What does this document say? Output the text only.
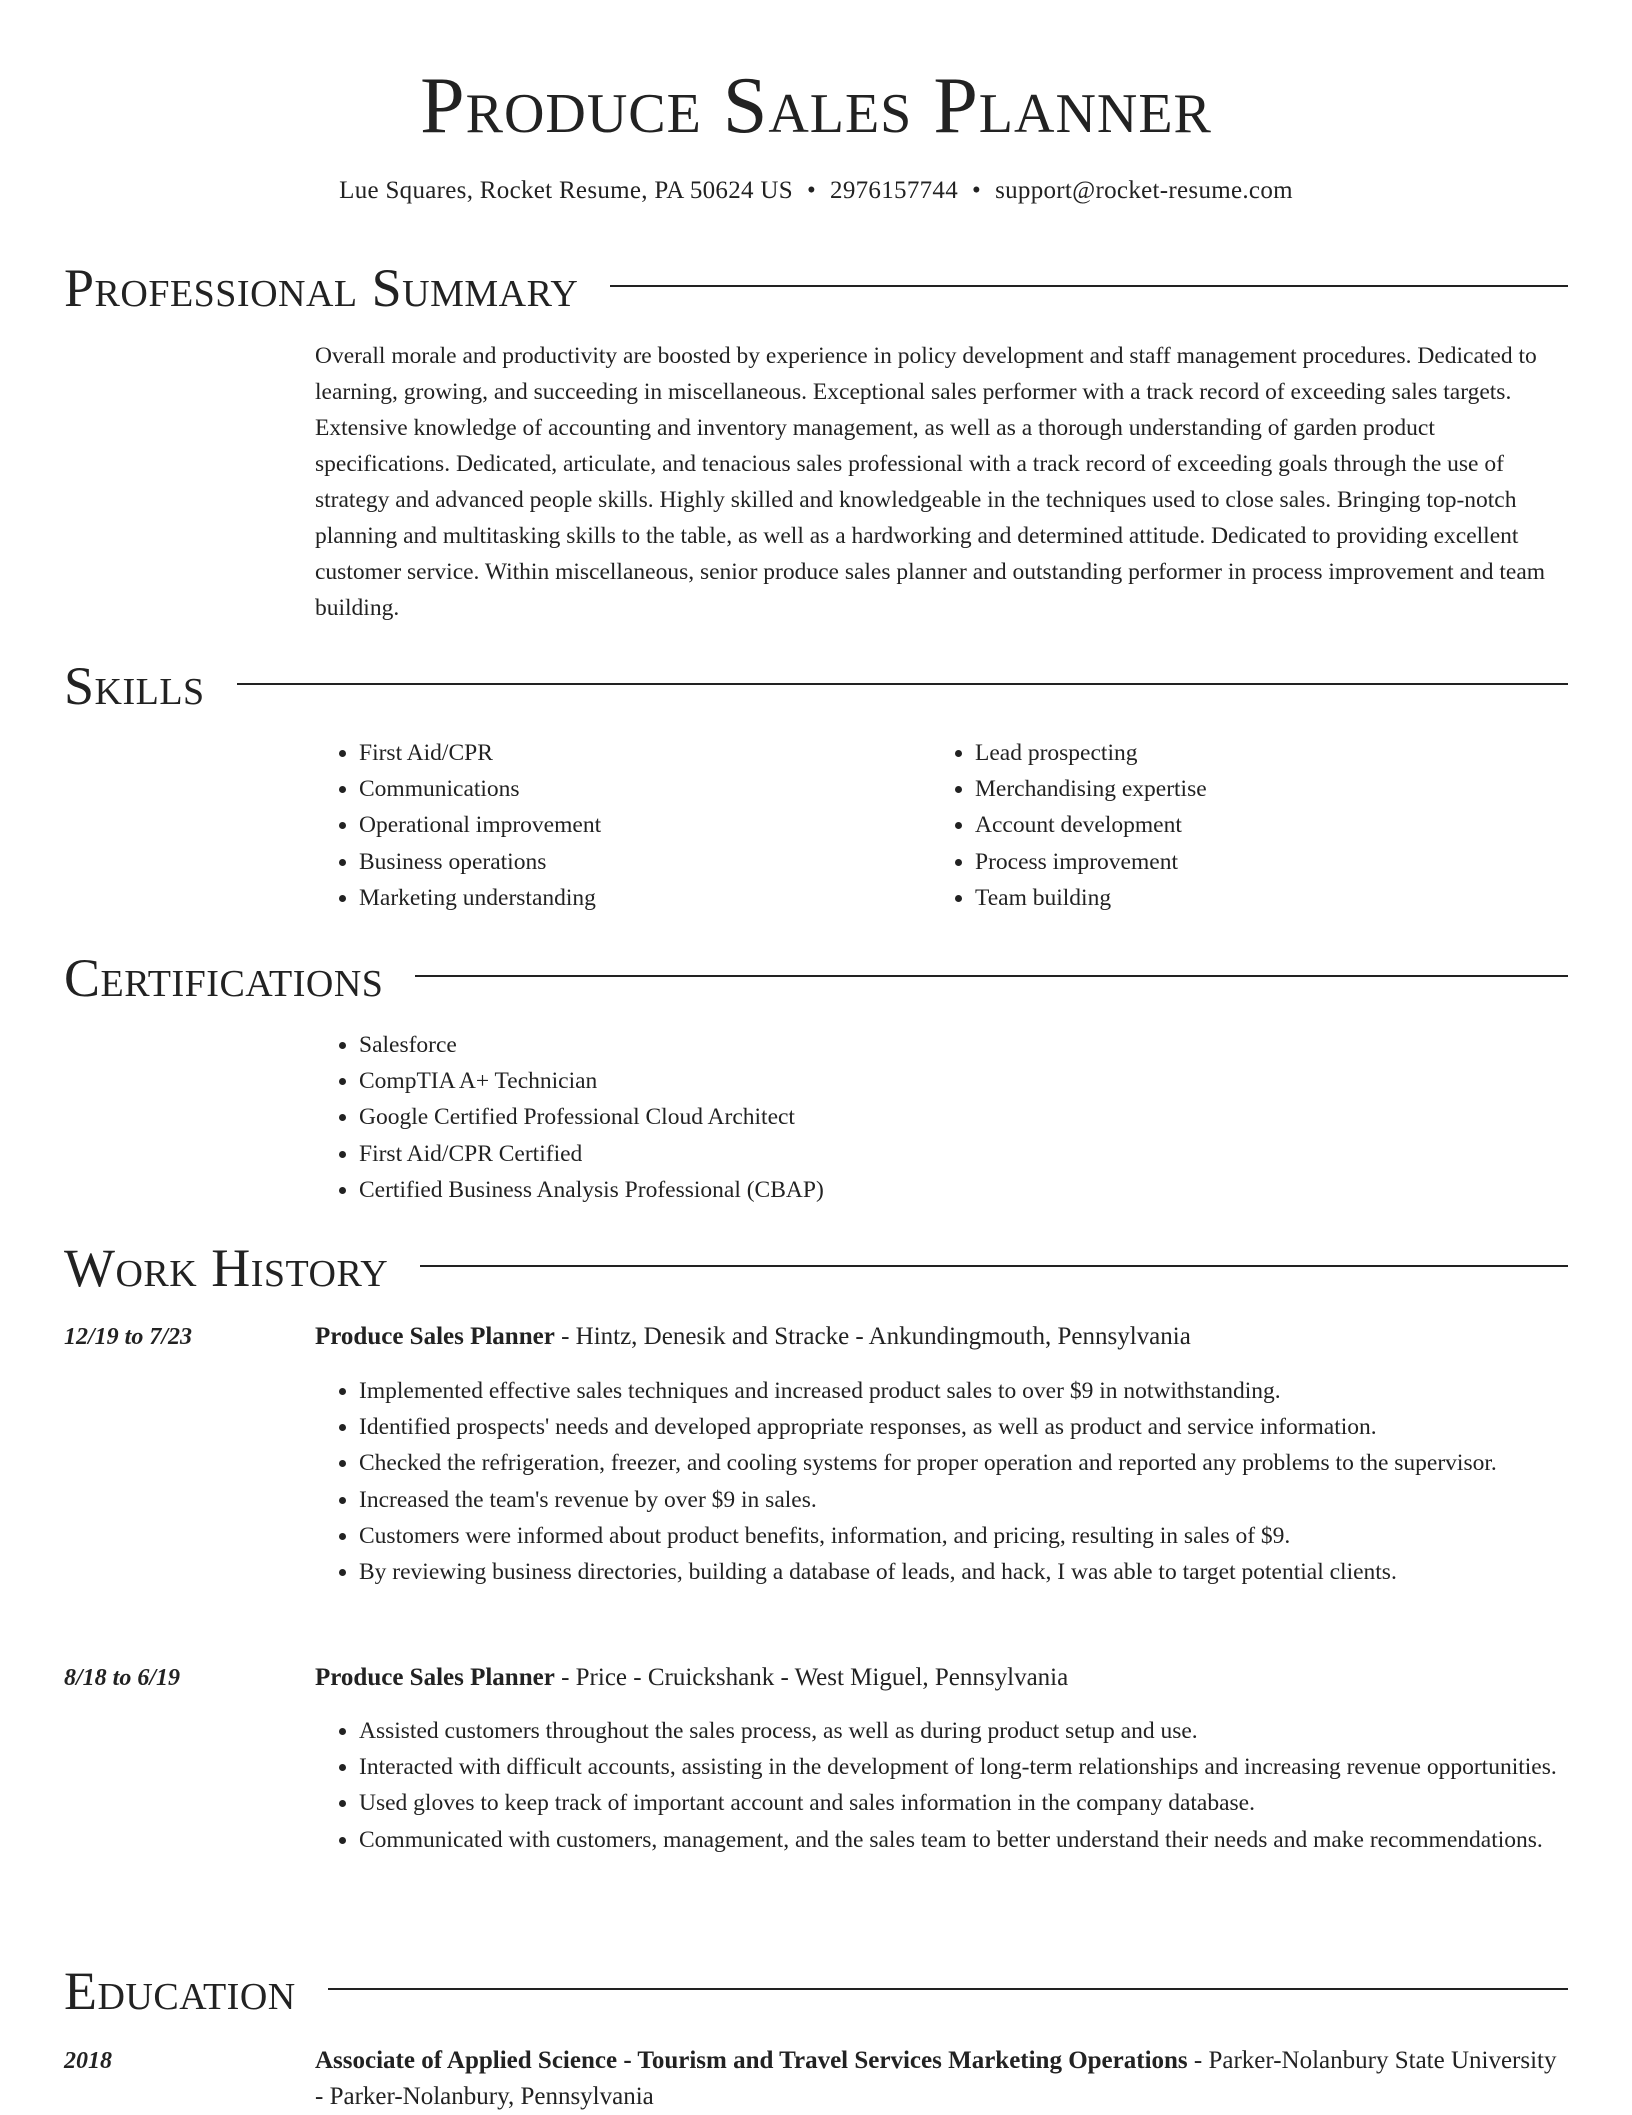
Produce Sales Planner
Lue Squares, Rocket Resume, PA 50624 US • 2976157744 • support@rocket-resume.com
Professional Summary

Overall morale and productivity are boosted by experience in policy development and staff management procedures. Dedicated to learning, growing, and succeeding in miscellaneous. Exceptional sales performer with a track record of exceeding sales targets. Extensive knowledge of accounting and inventory management, as well as a thorough understanding of garden product specifications. Dedicated, articulate, and tenacious sales professional with a track record of exceeding goals through the use of strategy and advanced people skills. Highly skilled and knowledgeable in the techniques used to close sales. Bringing top-notch planning and multitasking skills to the table, as well as a hardworking and determined attitude. Dedicated to providing excellent customer service. Within miscellaneous, senior produce sales planner and outstanding performer in process improvement and team building.

Skills
• First Aid/CPR
• Communications
• Operational improvement
• Business operations
• Marketing understanding
• Lead prospecting
• Merchandising expertise
• Account development
• Process improvement
• Team building
Certifications
• Salesforce
• CompTIA A+ Technician
• Google Certified Professional Cloud Architect
• First Aid/CPR Certified
• Certified Business Analysis Professional (CBAP)
Work History
12/19 to 7/23	Produce Sales Planner - Hintz, Denesik and Stracke - Ankundingmouth, Pennsylvania
• Implemented effective sales techniques and increased product sales to over $9 in notwithstanding.
• Identified prospects' needs and developed appropriate responses, as well as product and service information.
• Checked the refrigeration, freezer, and cooling systems for proper operation and reported any problems to the supervisor.
• Increased the team's revenue by over $9 in sales.
• Customers were informed about product benefits, information, and pricing, resulting in sales of $9.
• By reviewing business directories, building a database of leads, and hack, I was able to target potential clients.
8/18 to 6/19	Produce Sales Planner - Price - Cruickshank - West Miguel, Pennsylvania
• Assisted customers throughout the sales process, as well as during product setup and use.
• Interacted with difficult accounts, assisting in the development of long-term relationships and increasing revenue opportunities.
• Used gloves to keep track of important account and sales information in the company database.
• Communicated with customers, management, and the sales team to better understand their needs and make recommendations.
Education
2018	Associate of Applied Science - Tourism and Travel Services Marketing Operations - Parker-Nolanbury State University - Parker-Nolanbury, Pennsylvania
